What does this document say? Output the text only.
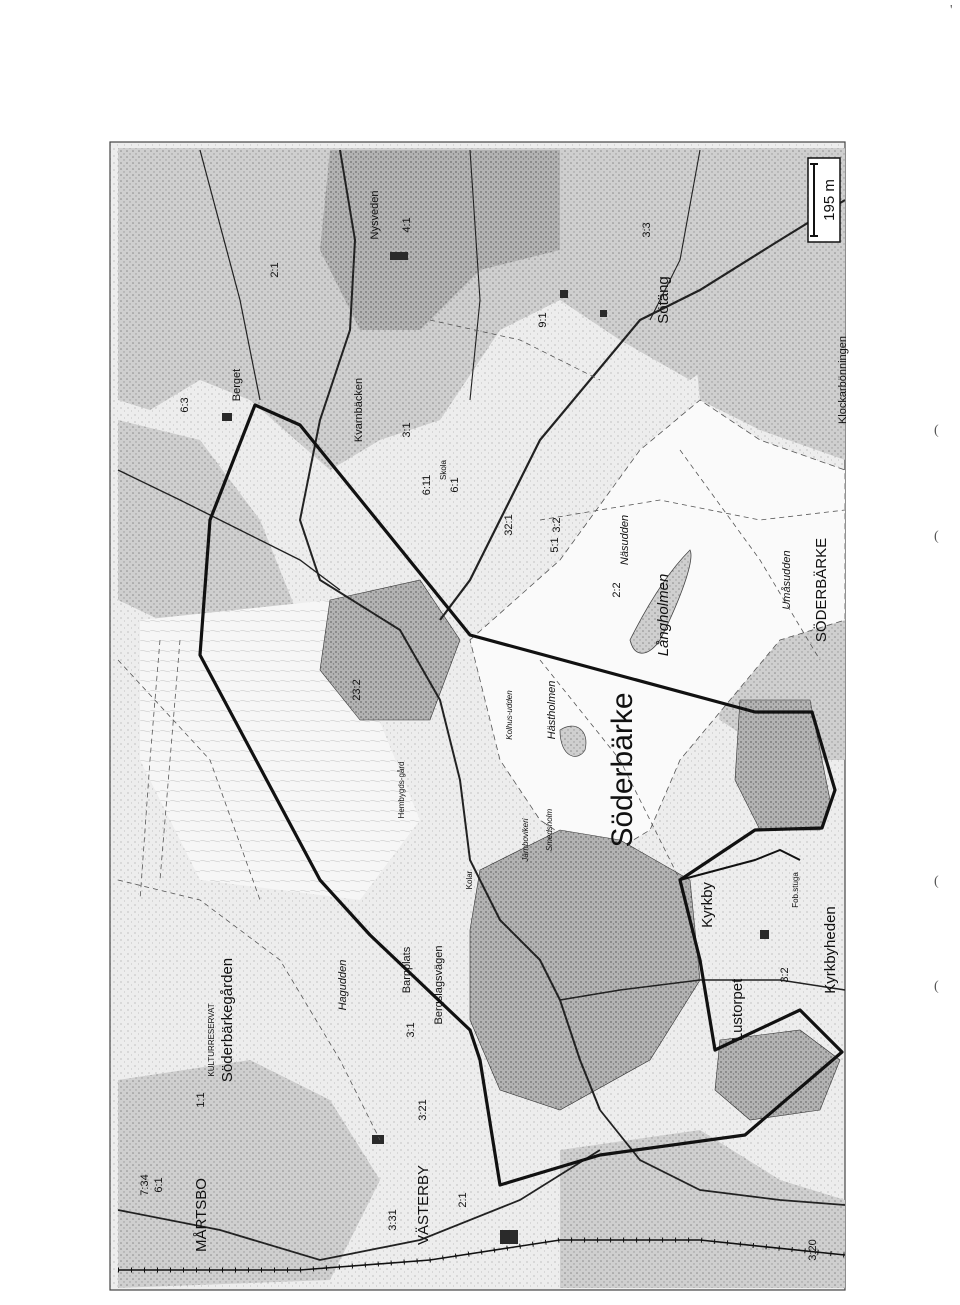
195 m
Söderbärke
MÅRTSBO	VÄSTERBY
SÖDERBÄRKE
Söderbärkegården
KULTURRESERVAT
Hagudden	Bergslagsvägen
Barnplats	Kyrkbyheden
Kyrkby	Fob.stuga
Lustorpet
Umåsudden
Långholmen
Näsudden
Hästholmen
Kolhus-udden
Järnbovikeri Smedsholm
Hembygds-gård
Kvarnbäcken
Nysveden
Berget
Sötäng
Klockarbönningen
Skola
Kolar
7:34 6:1
1:1
3:20
3:31
2:1
3:21
3:2
6:1
5:1
3:1
2:1
4:1
6:3
23:2
3:2
32:1
6:11
2:2
9:1
3:3
3:1
(
(
(
(
'
